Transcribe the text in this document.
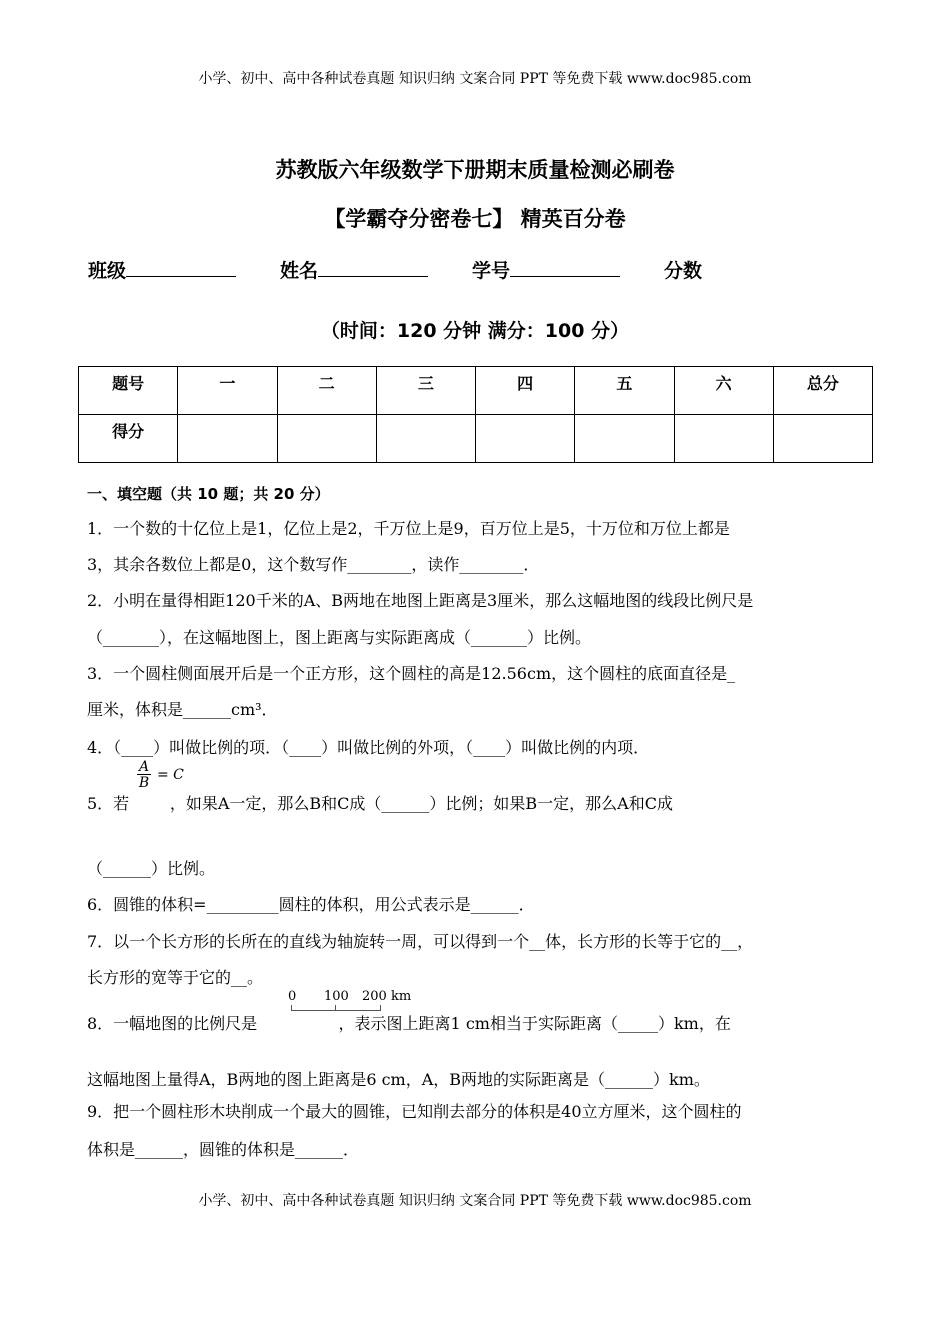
小学、初中、高中各种试卷真题 知识归纳 文案合同 PPT 等免费下载 www.doc985.com
苏教版六年级数学下册期末质量检测必刷卷
【学霸夺分密卷七】 精英百分卷
班级	姓名	学号	分数
（时间：120 分钟 满分：100 分）
题号	一	二	三	四	五	六	总分
得分							
一、填空题（共 10 题；共 20 分）
1．一个数的十亿位上是1，亿位上是2，千万位上是9，百万位上是5，十万位和万位上都是
3，其余各数位上都是0，这个数写作________，读作________．
2．小明在量得相距120千米的A、B两地在地图上距离是3厘米，那么这幅地图的线段比例尺是
（_______），在这幅地图上，图上距离与实际距离成（_______）比例。
3．一个圆柱侧面展开后是一个正方形，这个圆柱的高是12.56cm，这个圆柱的底面直径是_
厘米，体积是______cm³．
4．（____）叫做比例的项．（____）叫做比例的外项，（____）叫做比例的内项．
5．若        ，如果A一定，那么B和C成（______）比例；如果B一定，那么A和C成
（______）比例。
6．圆锥的体积=_________圆柱的体积，用公式表示是______．
7．以一个长方形的长所在的直线为轴旋转一周，可以得到一个__体，长方形的长等于它的__，
长方形的宽等于它的__。
8．一幅地图的比例尺是                ，表示图上距离1 cm相当于实际距离（_____）km，在
这幅地图上量得A，B两地的图上距离是6 cm，A，B两地的实际距离是（______）km。
9．把一个圆柱形木块削成一个最大的圆锥，已知削去部分的体积是40立方厘米，这个圆柱的
体积是______，圆锥的体积是______．
A
B = C
0 100 200 km
小学、初中、高中各种试卷真题 知识归纳 文案合同 PPT 等免费下载 www.doc985.com
